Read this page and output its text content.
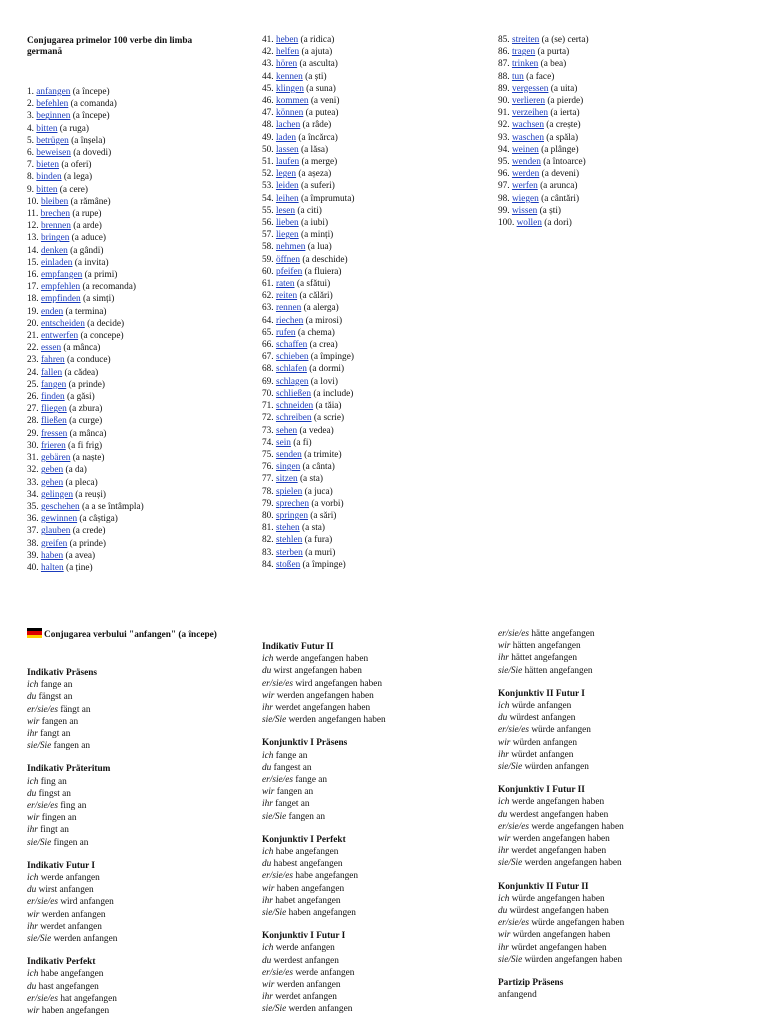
Conjugarea primelor 100 verbe din limba germană
1. anfangen (a începe)
2. befehlen (a comanda)
3. beginnen (a începe)
4. bitten (a ruga)
5. betrügen (a înșela)
6. beweisen (a dovedi)
7. bieten (a oferi)
8. binden (a lega)
9. bitten (a cere)
10. bleiben (a rămâne)
11. brechen (a rupe)
12. brennen (a arde)
13. bringen (a aduce)
14. denken (a gândi)
15. einladen (a invita)
16. empfangen (a primi)
17. empfehlen (a recomanda)
18. empfinden (a simți)
19. enden (a termina)
20. entscheiden (a decide)
21. entwerfen (a concepe)
22. essen (a mânca)
23. fahren (a conduce)
24. fallen (a cădea)
25. fangen (a prinde)
26. finden (a găsi)
27. fliegen (a zbura)
28. fließen (a curge)
29. fressen (a mânca)
30. frieren (a fi frig)
31. gebären (a naște)
32. geben (a da)
33. gehen (a pleca)
34. gelingen (a reuși)
35. geschehen (a a se întâmpla)
36. gewinnen (a câștiga)
37. glauben (a crede)
38. greifen (a prinde)
39. haben (a avea)
40. halten (a ține)
41. heben (a ridica)
42. helfen (a ajuta)
43. hören (a asculta)
44. kennen (a ști)
45. klingen (a suna)
46. kommen (a veni)
47. können (a putea)
48. lachen (a râde)
49. laden (a încărca)
50. lassen (a lăsa)
51. laufen (a merge)
52. legen (a așeza)
53. leiden (a suferi)
54. leihen (a împrumuta)
55. lesen (a citi)
56. lieben (a iubi)
57. liegen (a minți)
58. nehmen (a lua)
59. öffnen (a deschide)
60. pfeifen (a fluiera)
61. raten (a sfătui)
62. reiten (a călări)
63. rennen (a alerga)
64. riechen (a mirosi)
65. rufen (a chema)
66. schaffen (a crea)
67. schieben (a împinge)
68. schlafen (a dormi)
69. schlagen (a lovi)
70. schließen (a include)
71. schneiden (a tăia)
72. schreiben (a scrie)
73. sehen (a vedea)
74. sein (a fi)
75. senden (a trimite)
76. singen (a cânta)
77. sitzen (a sta)
78. spielen (a juca)
79. sprechen (a vorbi)
80. springen (a sări)
81. stehen (a sta)
82. stehlen (a fura)
83. sterben (a muri)
84. stoßen (a împinge)
85. streiten (a (se) certa)
86. tragen (a purta)
87. trinken (a bea)
88. tun (a face)
89. vergessen (a uita)
90. verlieren (a pierde)
91. verzeihen (a ierta)
92. wachsen (a crește)
93. waschen (a spăla)
94. weinen (a plânge)
95. wenden (a întoarce)
96. werden (a deveni)
97. werfen (a arunca)
98. wiegen (a cântări)
99. wissen (a ști)
100. wollen (a dori)
Conjugarea verbului "anfangen" (a începe)
Indikativ Präsens
ich fange an
du fängst an
er/sie/es fängt an
wir fangen an
ihr fangt an
sie/Sie fangen an
Indikativ Präteritum
ich fing an
du fingst an
er/sie/es fing an
wir fingen an
ihr fingt an
sie/Sie fingen an
Indikativ Futur I
ich werde anfangen
du wirst anfangen
er/sie/es wird anfangen
wir werden anfangen
ihr werdet anfangen
sie/Sie werden anfangen
Indikativ Perfekt
ich habe angefangen
du hast angefangen
er/sie/es hat angefangen
wir haben angefangen
Indikativ Futur II
ich werde angefangen haben
du wirst angefangen haben
er/sie/es wird angefangen haben
wir werden angefangen haben
ihr werdet angefangen haben
sie/Sie werden angefangen haben
Konjunktiv I Präsens
ich fange an
du fangest an
er/sie/es fange an
wir fangen an
ihr fanget an
sie/Sie fangen an
Konjunktiv I Perfekt
ich habe angefangen
du habest angefangen
er/sie/es habe angefangen
wir haben angefangen
ihr habet angefangen
sie/Sie haben angefangen
Konjunktiv I Futur I
ich werde anfangen
du werdest anfangen
er/sie/es werde anfangen
wir werden anfangen
ihr werdet anfangen
sie/Sie werden anfangen
er/sie/es hätte angefangen
wir hätten angefangen
ihr hättet angefangen
sie/Sie hätten angefangen
Konjunktiv II Futur I
ich würde anfangen
du würdest anfangen
er/sie/es würde anfangen
wir würden anfangen
ihr würdet anfangen
sie/Sie würden anfangen
Konjunktiv I Futur II
ich werde angefangen haben
du werdest angefangen haben
er/sie/es werde angefangen haben
wir werden angefangen haben
ihr werdet angefangen haben
sie/Sie werden angefangen haben
Konjunktiv II Futur II
ich würde angefangen haben
du würdest angefangen haben
er/sie/es würde angefangen haben
wir würden angefangen haben
ihr würdet angefangen haben
sie/Sie würden angefangen haben
Partizip Präsens
anfangend
